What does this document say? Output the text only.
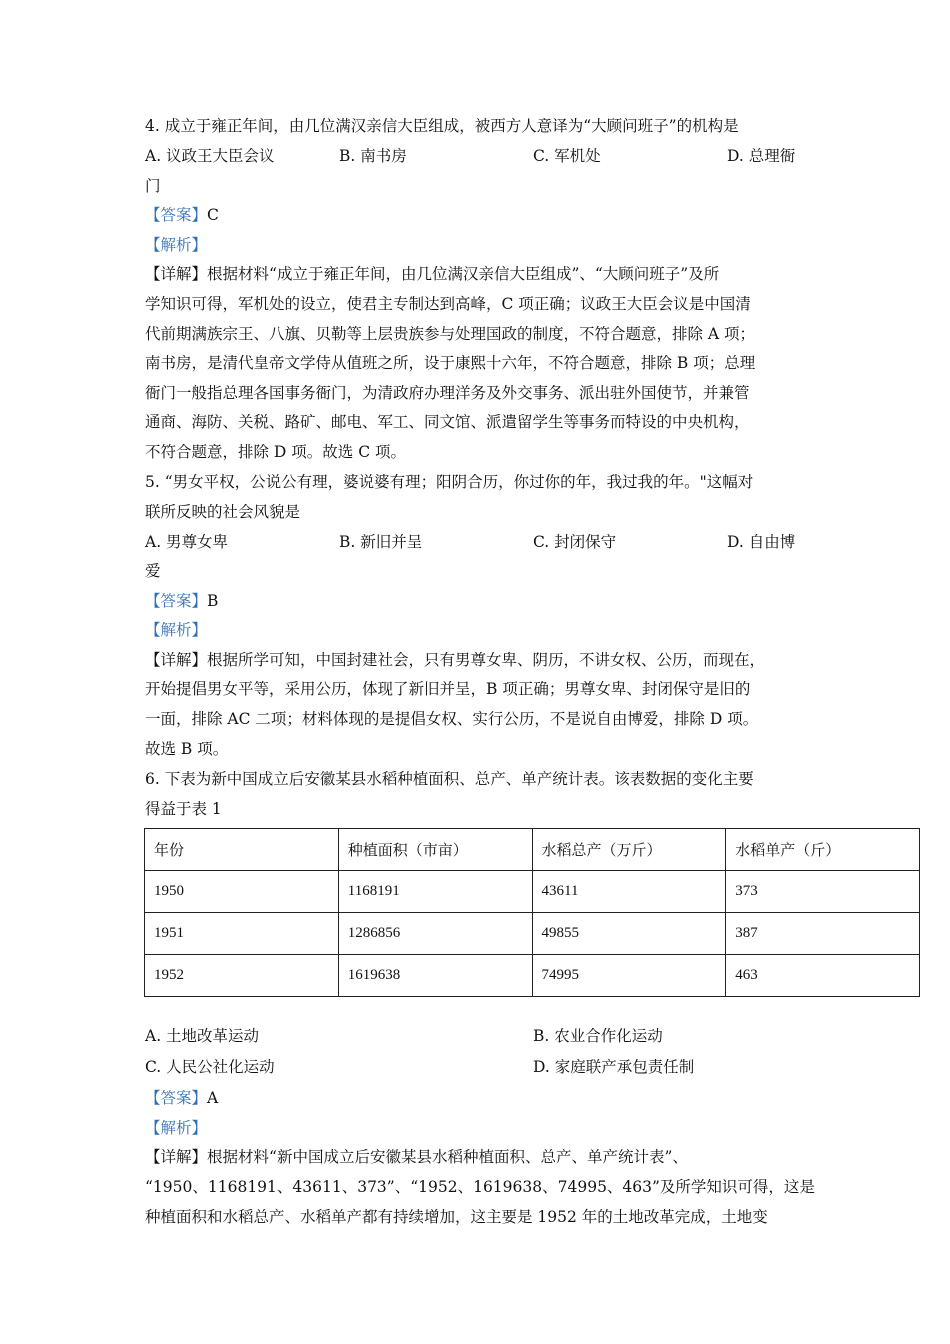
4. 成立于雍正年间，由几位满汉亲信大臣组成，被西方人意译为“大顾问班子”的机构是
A. 议政王大臣会议	B. 南书房	C. 军机处	D. 总理衙
门
【答案】C
【解析】
【详解】根据材料“成立于雍正年间，由几位满汉亲信大臣组成”、“大顾问班子”及所
学知识可得，军机处的设立，使君主专制达到高峰，C 项正确；议政王大臣会议是中国清
代前期满族宗王、八旗、贝勒等上层贵族参与处理国政的制度，不符合题意，排除 A 项；
南书房，是清代皇帝文学侍从值班之所，设于康熙十六年，不符合题意，排除 B 项；总理
衙门一般指总理各国事务衙门，为清政府办理洋务及外交事务、派出驻外国使节，并兼管
通商、海防、关税、路矿、邮电、军工、同文馆、派遣留学生等事务而特设的中央机构，
不符合题意，排除 D 项。故选 C 项。
5. “男女平权，公说公有理，婆说婆有理；阳阴合历，你过你的年，我过我的年。"这幅对
联所反映的社会风貌是
A. 男尊女卑	B. 新旧并呈	C. 封闭保守	D. 自由博
爱
【答案】B
【解析】
【详解】根据所学可知，中国封建社会，只有男尊女卑、阴历，不讲女权、公历，而现在，
开始提倡男女平等，采用公历，体现了新旧并呈，B 项正确；男尊女卑、封闭保守是旧的
一面，排除 AC 二项；材料体现的是提倡女权、实行公历，不是说自由博爱，排除 D 项。
故选 B 项。
6. 下表为新中国成立后安徽某县水稻种植面积、总产、单产统计表。该表数据的变化主要
得益于表 1
年份	种植面积（市亩）	水稻总产（万斤）	水稻单产（斤）
1950	1168191	43611	373
1951	1286856	49855	387
1952	1619638	74995	463
A. 土地改革运动	B. 农业合作化运动
C. 人民公社化运动	D. 家庭联产承包责任制
【答案】A
【解析】
【详解】根据材料“新中国成立后安徽某县水稻种植面积、总产、单产统计表”、
“1950、1168191、43611、373”、“1952、1619638、74995、463”及所学知识可得，这是
种植面积和水稻总产、水稻单产都有持续增加，这主要是 1952 年的土地改革完成，土地变
